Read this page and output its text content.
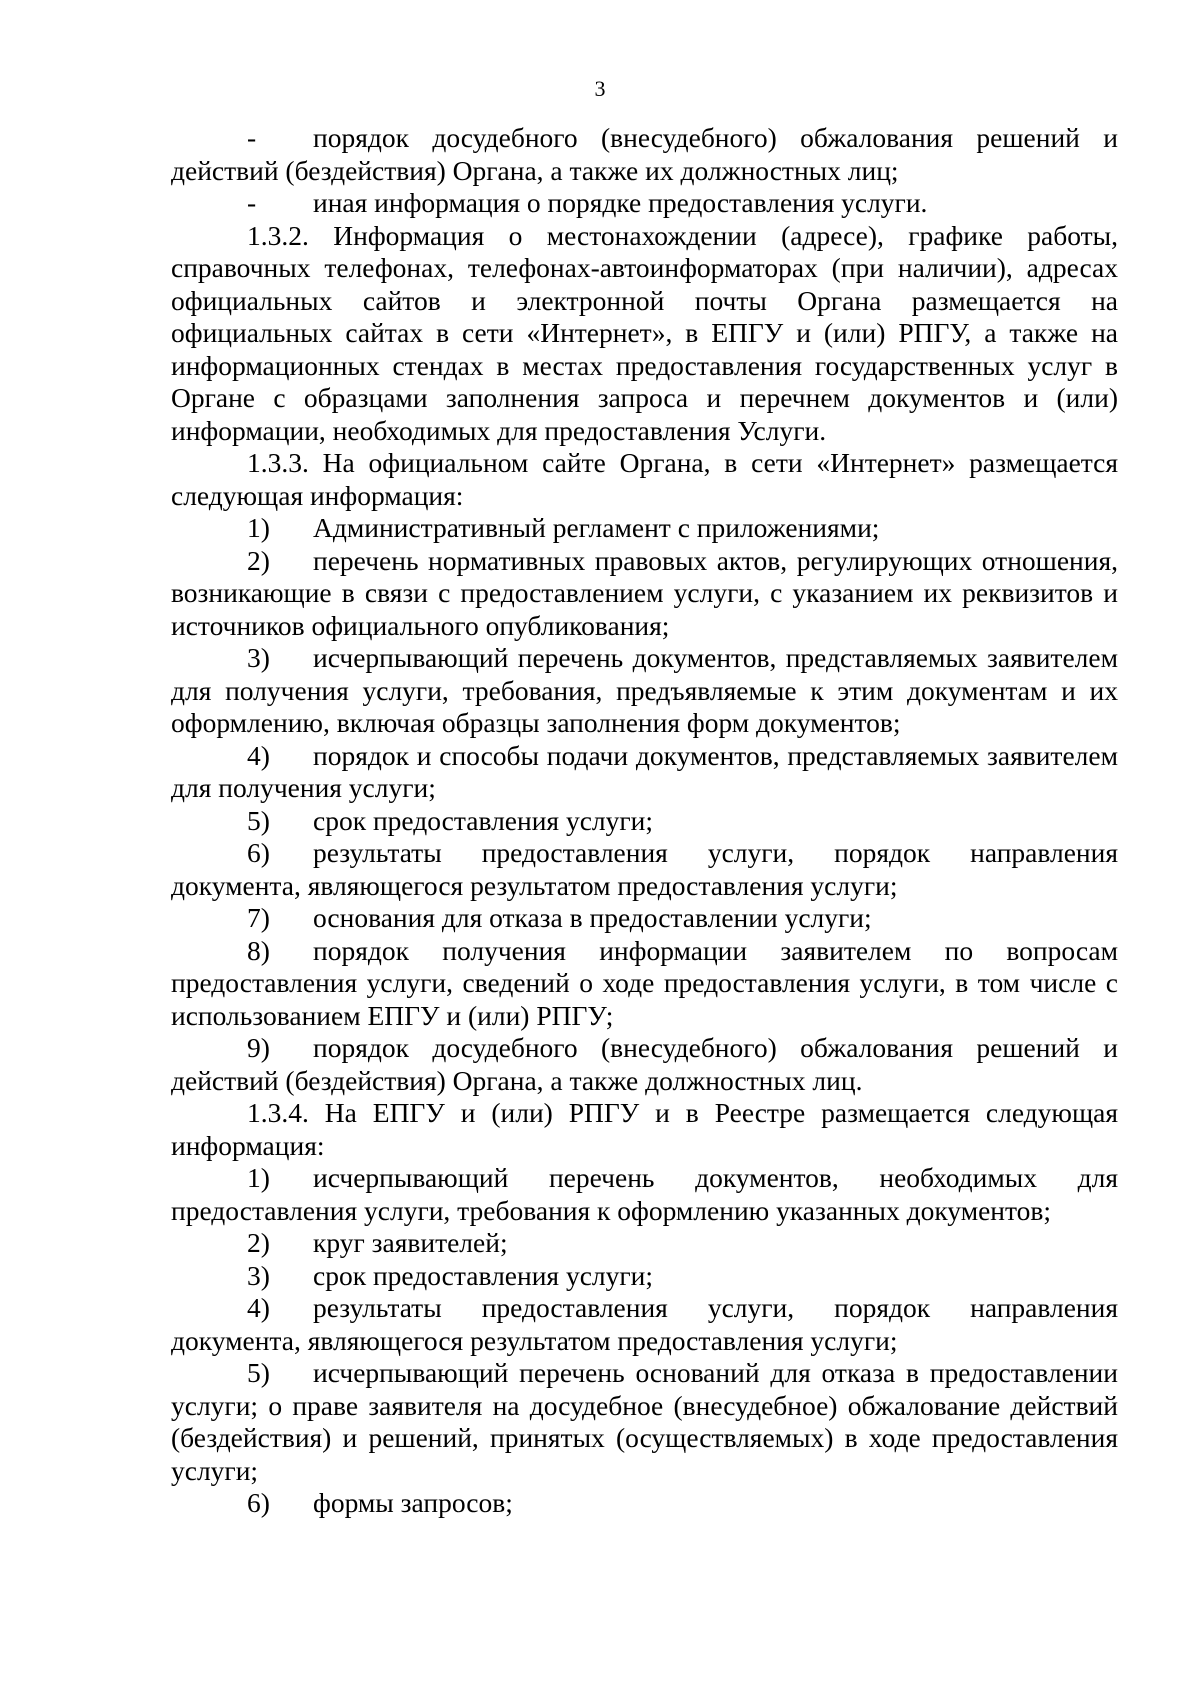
3

- порядок досудебного (внесудебного) обжалования решений и действий (бездействия) Органа, а также их должностных лиц;

- иная информация о порядке предоставления услуги.

1.3.2. Информация о местонахождении (адресе), графике работы, справочных телефонах, телефонах-автоинформаторах (при наличии), адресах официальных сайтов и электронной почты Органа размещается на официальных сайтах в сети «Интернет», в ЕПГУ и (или) РПГУ, а также на информационных стендах в местах предоставления государственных услуг в Органе с образцами заполнения запроса и перечнем документов и (или) информации, необходимых для предоставления Услуги.

1.3.3. На официальном сайте Органа, в сети «Интернет» размещается следующая информация:

1) Административный регламент с приложениями;

2) перечень нормативных правовых актов, регулирующих отношения, возникающие в связи с предоставлением услуги, с указанием их реквизитов и источников официального опубликования;

3) исчерпывающий перечень документов, представляемых заявителем для получения услуги, требования, предъявляемые к этим документам и их оформлению, включая образцы заполнения форм документов;

4) порядок и способы подачи документов, представляемых заявителем для получения услуги;

5) срок предоставления услуги;

6) результаты предоставления услуги, порядок направления документа, являющегося результатом предоставления услуги;

7) основания для отказа в предоставлении услуги;

8) порядок получения информации заявителем по вопросам предоставления услуги, сведений о ходе предоставления услуги, в том числе с использованием ЕПГУ и (или) РПГУ;

9) порядок досудебного (внесудебного) обжалования решений и действий (бездействия) Органа, а также должностных лиц.

1.3.4. На ЕПГУ и (или) РПГУ и в Реестре размещается следующая информация:

1) исчерпывающий перечень документов, необходимых для предоставления услуги, требования к оформлению указанных документов;

2) круг заявителей;

3) срок предоставления услуги;

4) результаты предоставления услуги, порядок направления документа, являющегося результатом предоставления услуги;

5) исчерпывающий перечень оснований для отказа в предоставлении услуги; о праве заявителя на досудебное (внесудебное) обжалование действий (бездействия) и решений, принятых (осуществляемых) в ходе предоставления услуги;

6) формы запросов;
